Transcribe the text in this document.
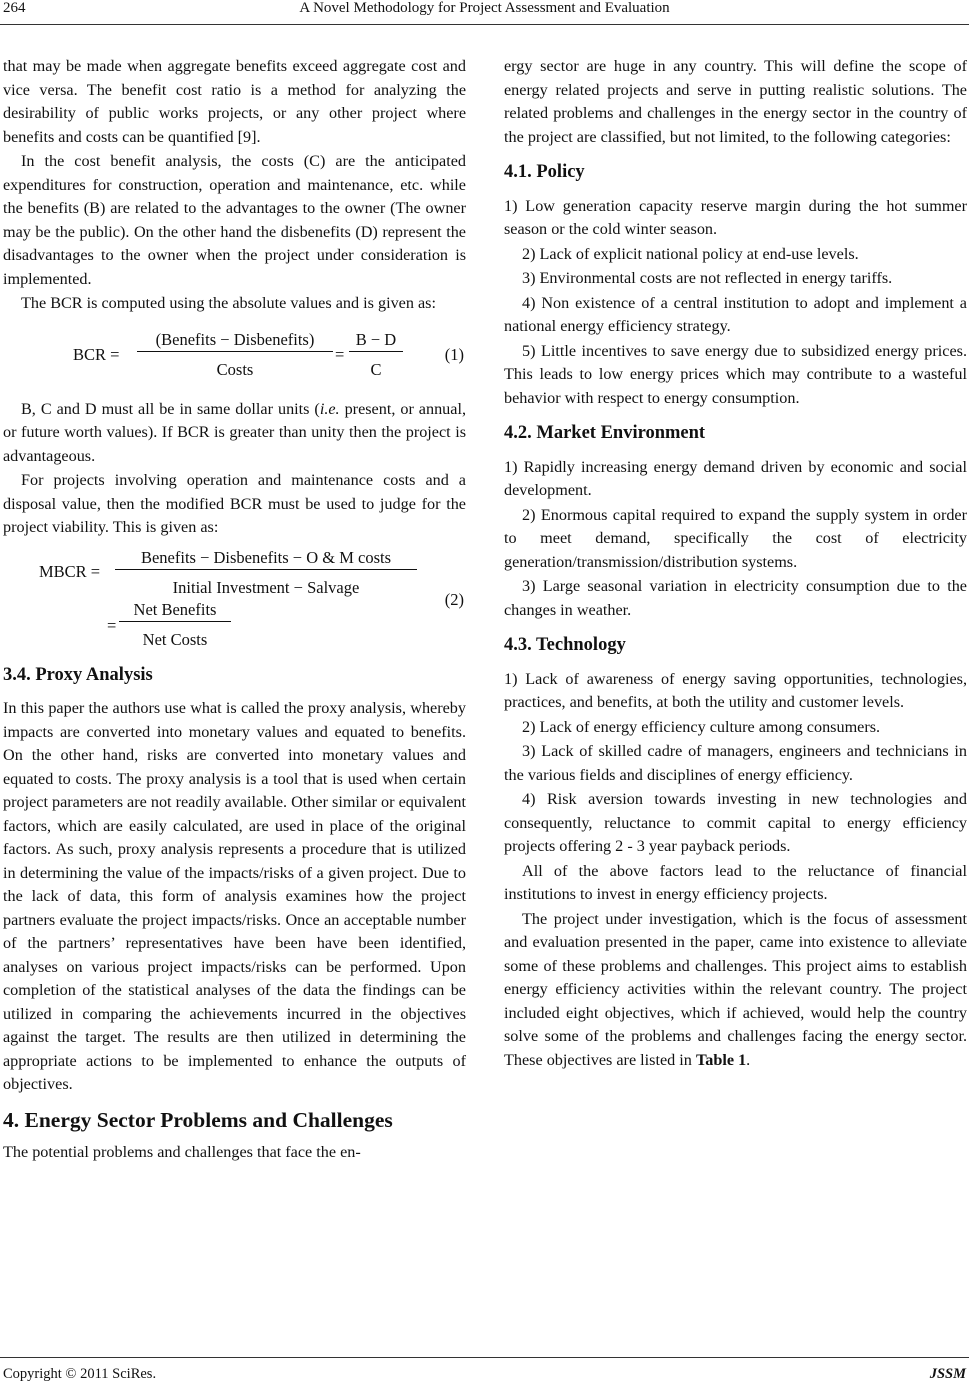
264	A Novel Methodology for Project Assessment and Evaluation

that may be made when aggregate benefits exceed aggregate cost and vice versa. The benefit cost ratio is a method for analyzing the desirability of public works projects, or any other project where benefits and costs can be quantified [9].

In the cost benefit analysis, the costs (C) are the anticipated expenditures for construction, operation and maintenance, etc. while the benefits (B) are related to the advantages to the owner (The owner may be the public). On the other hand the disbenefits (D) represent the disadvantages to the owner when the project under consideration is implemented.

The BCR is computed using the absolute values and is given as:

BCR =
(Benefits − Disbenefits)
Costs
= $\frac{B - D}{C}$	(1)

B, C and D must all be in same dollar units (i.e. present, or annual, or future worth values). If BCR is greater than unity then the project is advantageous.

For projects involving operation and maintenance costs and a disposal value, then the modified BCR must be used to judge for the project viability. This is given as:

MBCR =
Benefits − Disbenefits − O & M costs
Initial Investment − Salvage
=
Net Benefits
Net Costs
(2)
3.4. Proxy Analysis

In this paper the authors use what is called the proxy analysis, whereby impacts are converted into monetary values and equated to benefits. On the other hand, risks are converted into monetary values and equated to costs. The proxy analysis is a tool that is used when certain project parameters are not readily available. Other similar or equivalent factors, which are easily calculated, are used in place of the original factors. As such, proxy analysis represents a procedure that is utilized in determining the value of the impacts/risks of a given project. Due to the lack of data, this form of analysis examines how the project partners evaluate the project impacts/risks. Once an acceptable number of the partners’ representatives have been have been identified, analyses on various project impacts/risks can be performed. Upon completion of the statistical analyses of the data the findings can be utilized in comparing the achievements incurred in the objectives against the target. The results are then utilized in determining the appropriate actions to be implemented to enhance the outputs of objectives.

4. Energy Sector Problems and Challenges

The potential problems and challenges that face the en-

ergy sector are huge in any country. This will define the scope of energy related projects and serve in putting realistic solutions. The related problems and challenges in the energy sector in the country of the project are classified, but not limited, to the following categories:

4.1. Policy

1) Low generation capacity reserve margin during the hot summer season or the cold winter season.

2) Lack of explicit national policy at end-use levels.

3) Environmental costs are not reflected in energy tariffs.

4) Non existence of a central institution to adopt and implement a national energy efficiency strategy.

5) Little incentives to save energy due to subsidized energy prices. This leads to low energy prices which may contribute to a wasteful behavior with respect to energy consumption.

4.2. Market Environment

1) Rapidly increasing energy demand driven by economic and social development.

2) Enormous capital required to expand the supply system in order to meet demand, specifically the cost of electricity generation/transmission/distribution systems.

3) Large seasonal variation in electricity consumption due to the changes in weather.

4.3. Technology

1) Lack of awareness of energy saving opportunities, technologies, practices, and benefits, at both the utility and customer levels.

2) Lack of energy efficiency culture among consumers.

3) Lack of skilled cadre of managers, engineers and technicians in the various fields and disciplines of energy efficiency.

4) Risk aversion towards investing in new technologies and consequently, reluctance to commit capital to energy efficiency projects offering 2 - 3 year payback periods.

All of the above factors lead to the reluctance of financial institutions to invest in energy efficiency projects.

The project under investigation, which is the focus of assessment and evaluation presented in the paper, came into existence to alleviate some of these problems and challenges. This project aims to establish energy efficiency activities within the relevant country. The project included eight objectives, which if achieved, would help the country solve some of the problems and challenges facing the energy sector. These objectives are listed in Table 1.

Copyright © 2011 SciRes.	JSSM
